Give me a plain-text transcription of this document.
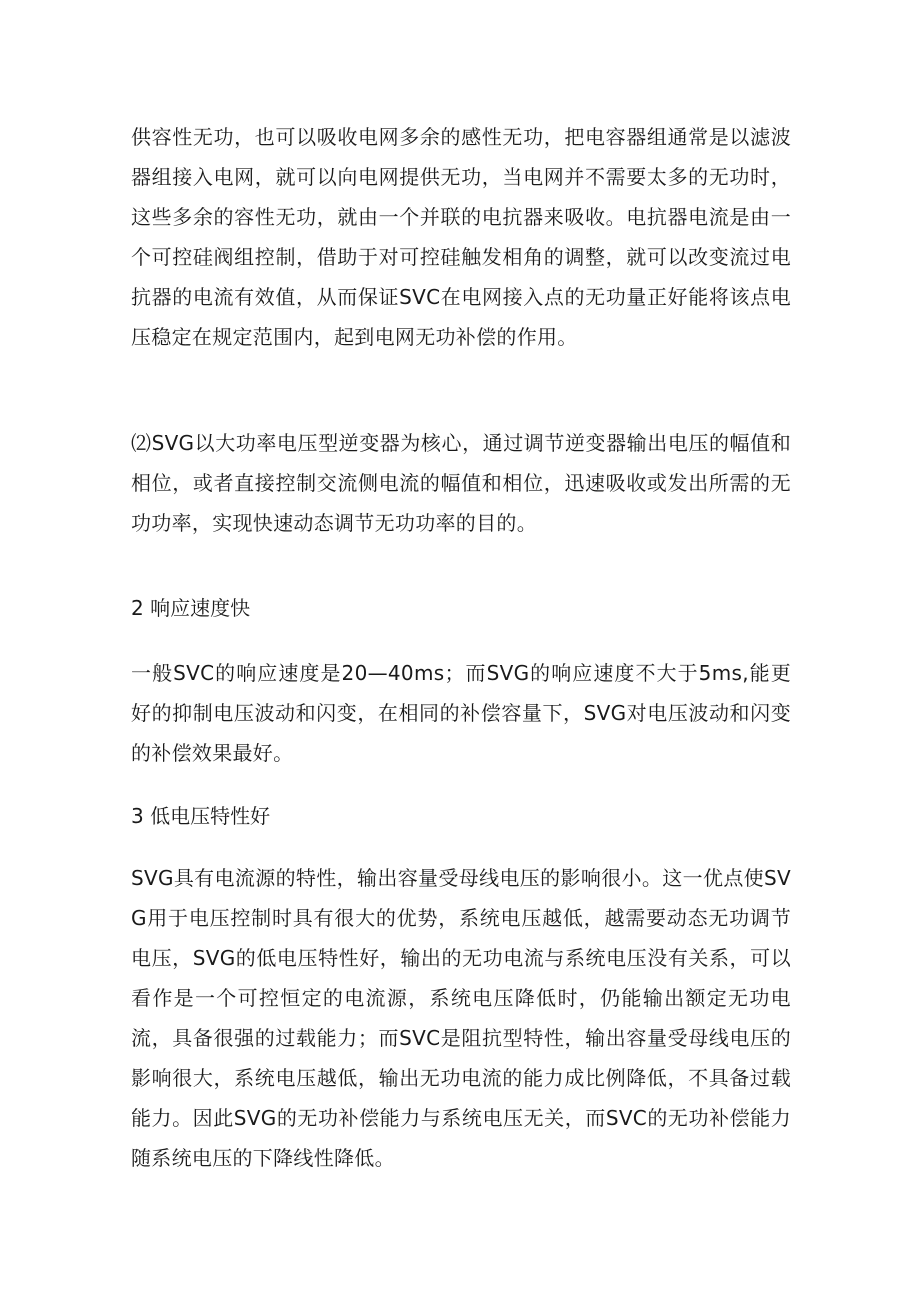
供容性无功，也可以吸收电网多余的感性无功，把电容器组通常是以滤波器组接入电网，就可以向电网提供无功，当电网并不需要太多的无功时，这些多余的容性无功，就由一个并联的电抗器来吸收。电抗器电流是由一个可控硅阀组控制，借助于对可控硅触发相角的调整，就可以改变流过电抗器的电流有效值，从而保证SVC在电网接入点的无功量正好能将该点电压稳定在规定范围内，起到电网无功补偿的作用。

⑵SVG以大功率电压型逆变器为核心，通过调节逆变器输出电压的幅值和相位，或者直接控制交流侧电流的幅值和相位，迅速吸收或发出所需的无功功率，实现快速动态调节无功功率的目的。

2 响应速度快

一般SVC的响应速度是20—40ms；而SVG的响应速度不大于5ms,能更好的抑制电压波动和闪变，在相同的补偿容量下，SVG对电压波动和闪变的补偿效果最好。

3 低电压特性好

SVG具有电流源的特性，输出容量受母线电压的影响很小。这一优点使SVG用于电压控制时具有很大的优势，系统电压越低，越需要动态无功调节电压，SVG的低电压特性好，输出的无功电流与系统电压没有关系，可以看作是一个可控恒定的电流源，系统电压降低时，仍能输出额定无功电流，具备很强的过载能力；而SVC是阻抗型特性，输出容量受母线电压的影响很大，系统电压越低，输出无功电流的能力成比例降低，不具备过载能力。因此SVG的无功补偿能力与系统电压无关，而SVC的无功补偿能力随系统电压的下降线性降低。
